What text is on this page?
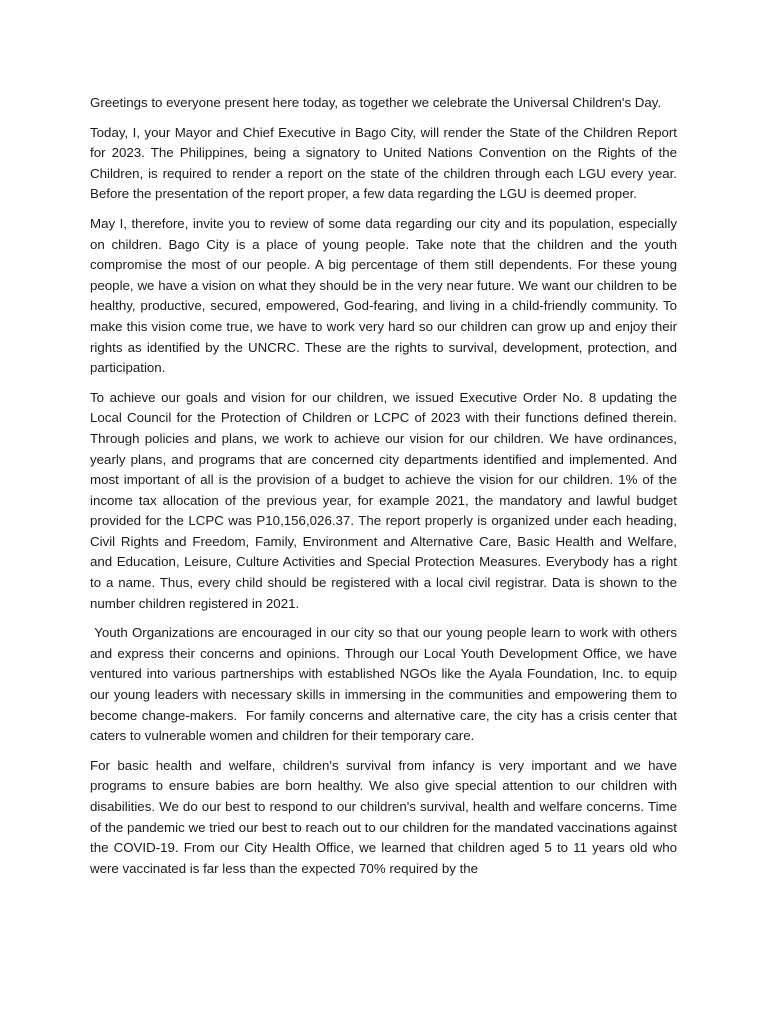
Greetings to everyone present here today, as together we celebrate the Universal Children's Day.

Today, I, your Mayor and Chief Executive in Bago City, will render the State of the Children Report for 2023. The Philippines, being a signatory to United Nations Convention on the Rights of the Children, is required to render a report on the state of the children through each LGU every year. Before the presentation of the report proper, a few data regarding the LGU is deemed proper.

May I, therefore, invite you to review of some data regarding our city and its population, especially on children. Bago City is a place of young people. Take note that the children and the youth compromise the most of our people. A big percentage of them still dependents. For these young people, we have a vision on what they should be in the very near future. We want our children to be healthy, productive, secured, empowered, God-fearing, and living in a child-friendly community. To make this vision come true, we have to work very hard so our children can grow up and enjoy their rights as identified by the UNCRC. These are the rights to survival, development, protection, and participation.

To achieve our goals and vision for our children, we issued Executive Order No. 8 updating the Local Council for the Protection of Children or LCPC of 2023 with their functions defined therein. Through policies and plans, we work to achieve our vision for our children. We have ordinances, yearly plans, and programs that are concerned city departments identified and implemented. And most important of all is the provision of a budget to achieve the vision for our children. 1% of the income tax allocation of the previous year, for example 2021, the mandatory and lawful budget provided for the LCPC was P10,156,026.37. The report properly is organized under each heading, Civil Rights and Freedom, Family, Environment and Alternative Care, Basic Health and Welfare, and Education, Leisure, Culture Activities and Special Protection Measures. Everybody has a right to a name. Thus, every child should be registered with a local civil registrar. Data is shown to the number children registered in 2021.

Youth Organizations are encouraged in our city so that our young people learn to work with others and express their concerns and opinions. Through our Local Youth Development Office, we have ventured into various partnerships with established NGOs like the Ayala Foundation, Inc. to equip our young leaders with necessary skills in immersing in the communities and empowering them to become change-makers.  For family concerns and alternative care, the city has a crisis center that caters to vulnerable women and children for their temporary care.

For basic health and welfare, children's survival from infancy is very important and we have programs to ensure babies are born healthy. We also give special attention to our children with disabilities. We do our best to respond to our children's survival, health and welfare concerns. Time of the pandemic we tried our best to reach out to our children for the mandated vaccinations against the COVID-19. From our City Health Office, we learned that children aged 5 to 11 years old who were vaccinated is far less than the expected 70% required by the
